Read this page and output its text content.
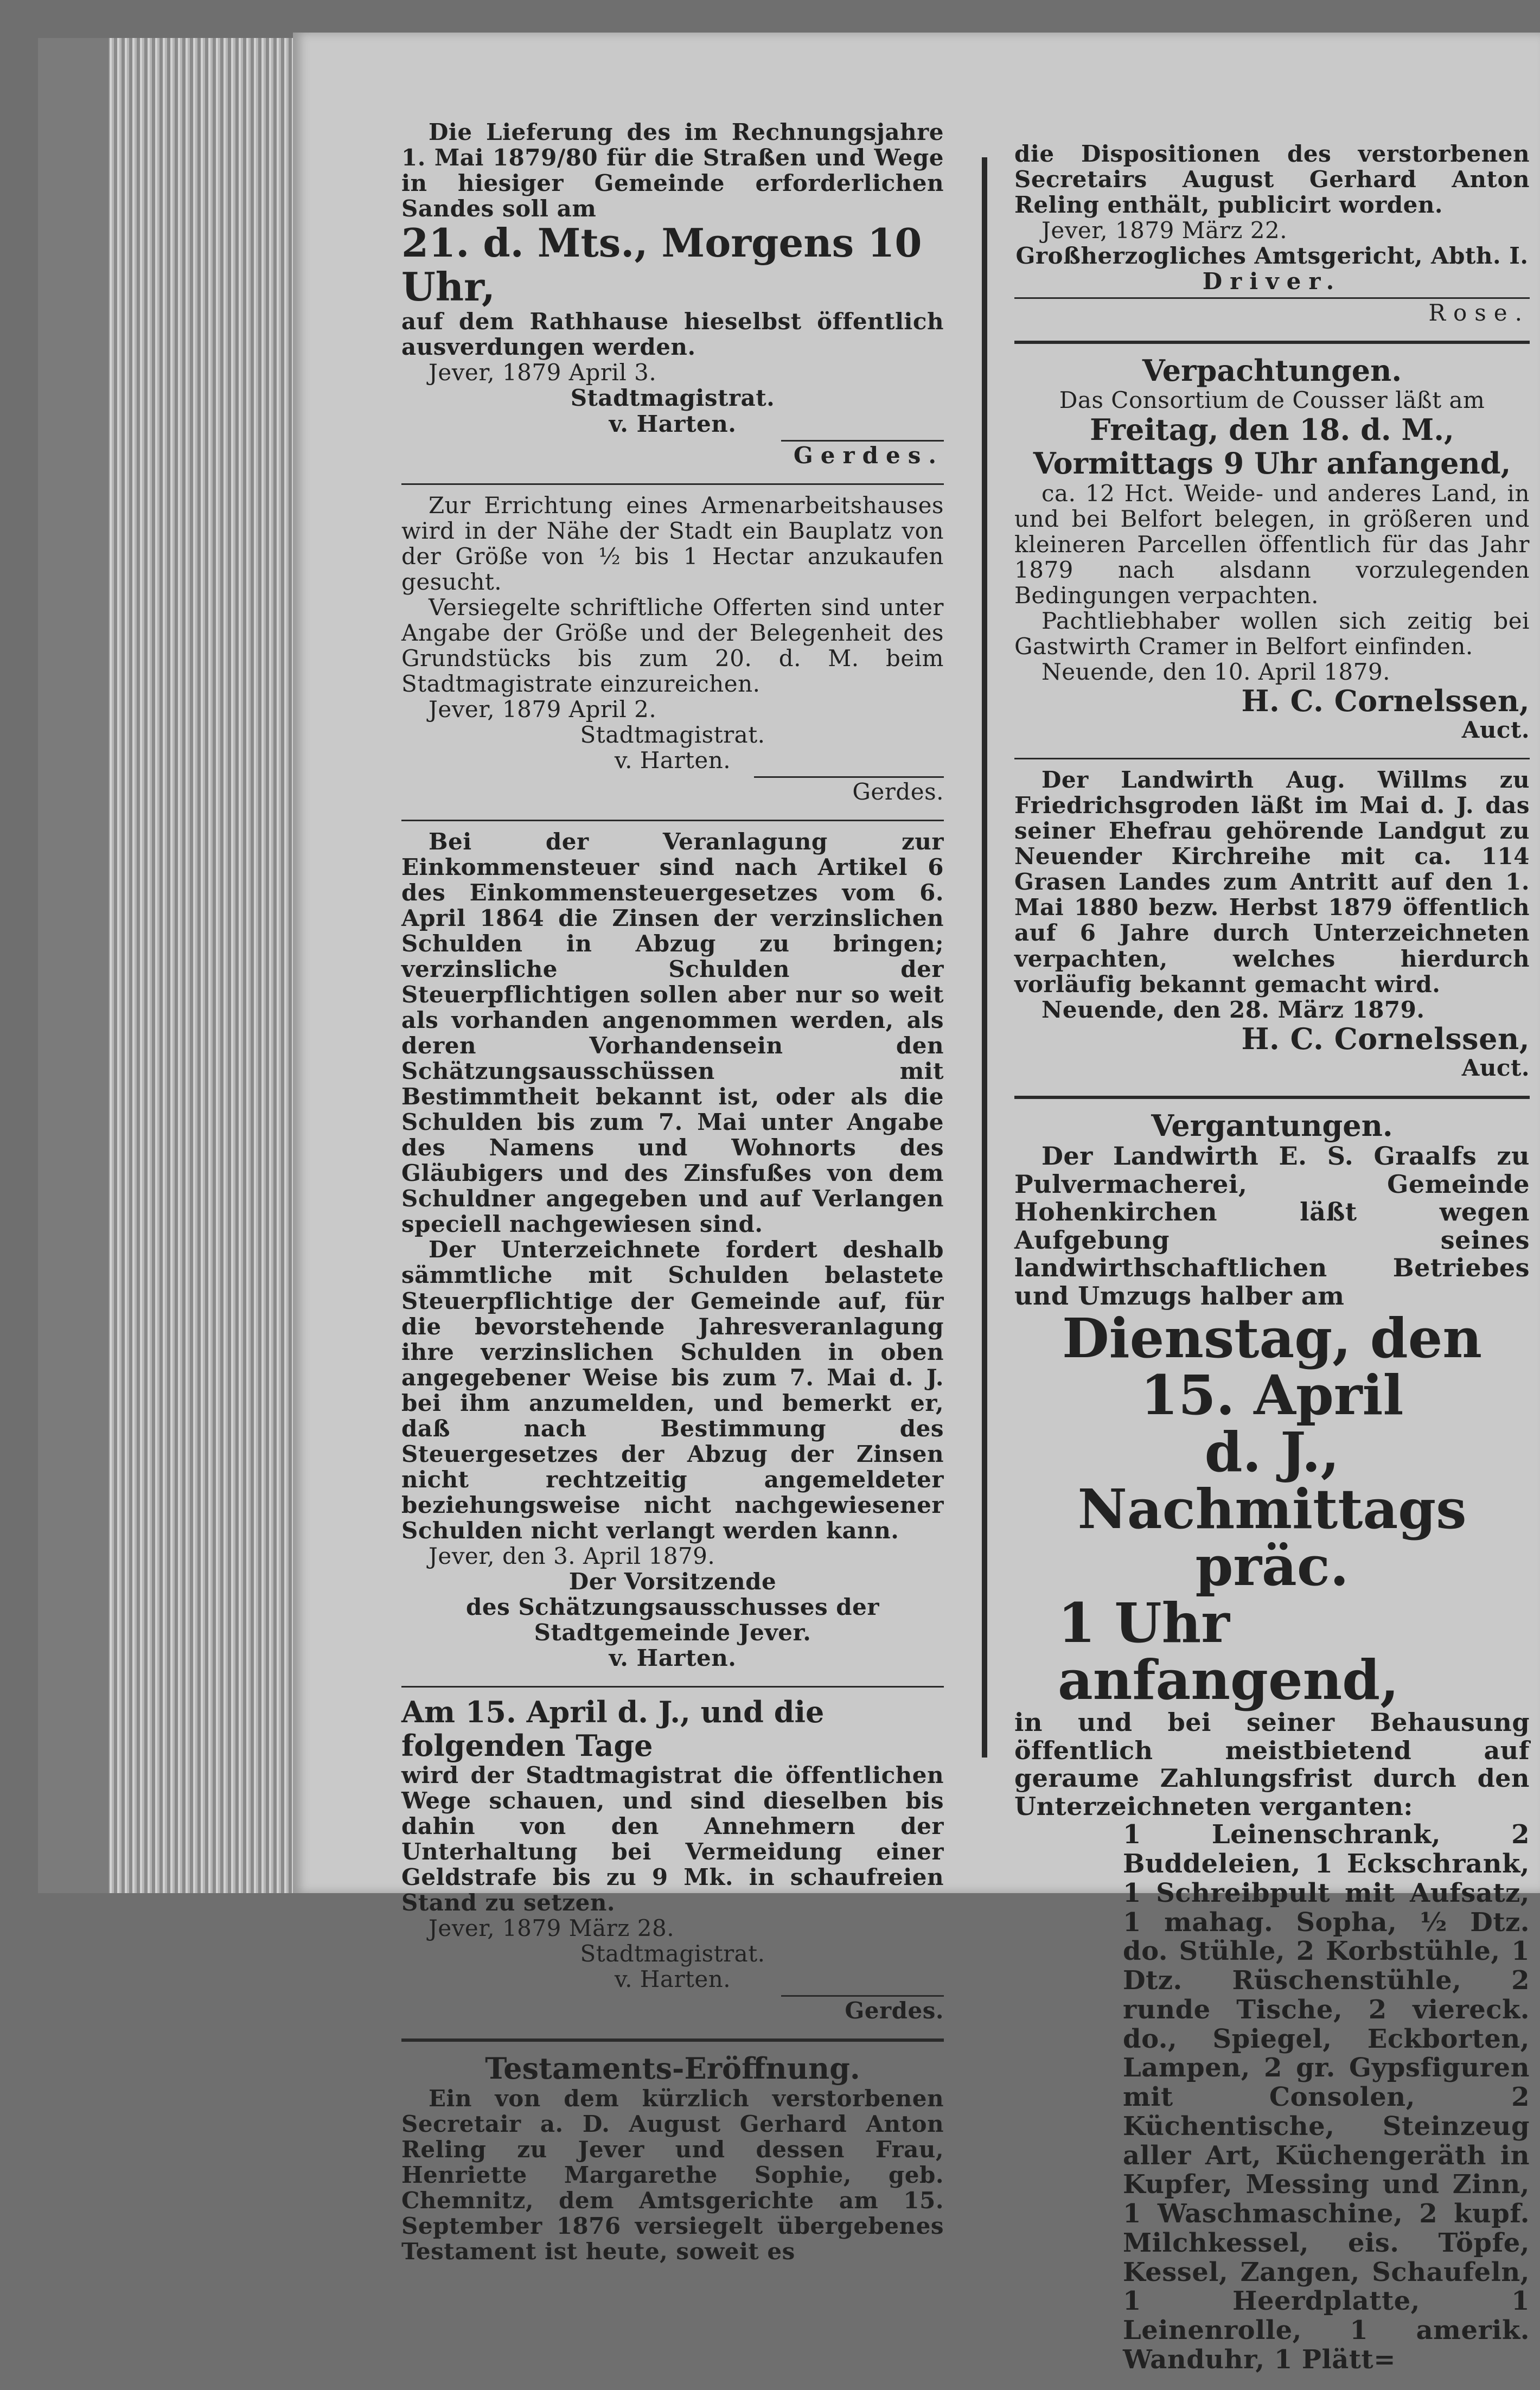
Die Lieferung des im Rechnungsjahre 1. Mai 1879/80 für die Straßen und Wege in hiesiger Gemeinde erforderlichen Sandes soll am

21. d. Mts., Morgens 10 Uhr,

auf dem Rathhause hieselbst öffentlich ausverdungen werden.

Jever, 1879 April 3.

Stadtmagistrat.

v. Harten.

Gerdes.

Zur Errichtung eines Armenarbeitshauses wird in der Nähe der Stadt ein Bauplatz von der Größe von ½ bis 1 Hectar anzukaufen gesucht.

Versiegelte schriftliche Offerten sind unter Angabe der Größe und der Belegenheit des Grundstücks bis zum 20. d. M. beim Stadtmagistrate einzureichen.

Jever, 1879 April 2.

Stadtmagistrat.

v. Harten.

Gerdes.

Bei der Veranlagung zur Einkommensteuer sind nach Artikel 6 des Einkommensteuergesetzes vom 6. April 1864 die Zinsen der verzinslichen Schulden in Abzug zu bringen; verzinsliche Schulden der Steuerpflichtigen sollen aber nur so weit als vorhanden angenommen werden, als deren Vorhandensein den Schätzungsausschüssen mit Bestimmtheit bekannt ist, oder als die Schulden bis zum 7. Mai unter Angabe des Namens und Wohnorts des Gläubigers und des Zinsfußes von dem Schuldner angegeben und auf Verlangen speciell nachgewiesen sind.

Der Unterzeichnete fordert deshalb sämmtliche mit Schulden belastete Steuerpflichtige der Gemeinde auf, für die bevorstehende Jahresveranlagung ihre verzinslichen Schulden in oben angegebener Weise bis zum 7. Mai d. J. bei ihm anzumelden, und bemerkt er, daß nach Bestimmung des Steuergesetzes der Abzug der Zinsen nicht rechtzeitig angemeldeter beziehungsweise nicht nachgewiesener Schulden nicht verlangt werden kann.

Jever, den 3. April 1879.

Der Vorsitzende

des Schätzungsausschusses der Stadtgemeinde Jever.

v. Harten.

Am 15. April d. J., und die folgenden Tage

wird der Stadtmagistrat die öffentlichen Wege schauen, und sind dieselben bis dahin von den Annehmern der Unterhaltung bei Vermeidung einer Geldstrafe bis zu 9 Mk. in schaufreien Stand zu setzen.

Jever, 1879 März 28.

Stadtmagistrat.

v. Harten.

Gerdes.

Testaments-Eröffnung.

Ein von dem kürzlich verstorbenen Secretair a. D. August Gerhard Anton Reling zu Jever und dessen Frau, Henriette Margarethe Sophie, geb. Chemnitz, dem Amtsgerichte am 15. September 1876 versiegelt übergebenes Testament ist heute, soweit es

die Dispositionen des verstorbenen Secretairs August Gerhard Anton Reling enthält, publicirt worden.

Jever, 1879 März 22.

Großherzogliches Amtsgericht, Abth. I.

Driver.

Rose.

Verpachtungen.

Das Consortium de Cousser läßt am

Freitag, den 18. d. M.,

Vormittags 9 Uhr anfangend,

ca. 12 Hct. Weide- und anderes Land, in und bei Belfort belegen, in größeren und kleineren Parcellen öffentlich für das Jahr 1879 nach alsdann vorzulegenden Bedingungen verpachten.

Pachtliebhaber wollen sich zeitig bei Gastwirth Cramer in Belfort einfinden.

Neuende, den 10. April 1879.

H. C. Cornelssen,

Auct.

Der Landwirth Aug. Willms zu Friedrichsgroden läßt im Mai d. J. das seiner Ehefrau gehörende Landgut zu Neuender Kirchreihe mit ca. 114 Grasen Landes zum Antritt auf den 1. Mai 1880 bezw. Herbst 1879 öffentlich auf 6 Jahre durch Unterzeichneten verpachten, welches hierdurch vorläufig bekannt gemacht wird.

Neuende, den 28. März 1879.

H. C. Cornelssen,

Auct.

Vergantungen.

Der Landwirth E. S. Graalfs zu Pulvermacherei, Gemeinde Hohenkirchen läßt wegen Aufgebung seines landwirthschaftlichen Betriebes und Umzugs halber am

Dienstag, den 15. April

d. J., Nachmittags präc.

1 Uhr anfangend,

in und bei seiner Behausung öffentlich meistbietend auf geraume Zahlungsfrist durch den Unterzeichneten verganten:

1 Leinenschrank, 2 Buddeleien, 1 Eckschrank, 1 Schreibpult mit Aufsatz, 1 mahag. Sopha, ½ Dtz. do. Stühle, 2 Korbstühle, 1 Dtz. Rüschenstühle, 2 runde Tische, 2 viereck. do., Spiegel, Eckborten, Lampen, 2 gr. Gypsfiguren mit Consolen, 2 Küchentische, Steinzeug aller Art, Küchengeräth in Kupfer, Messing und Zinn, 1 Waschmaschine, 2 kupf. Milchkessel, eis. Töpfe, Kessel, Zangen, Schaufeln, 1 Heerdplatte, 1 Leinenrolle, 1 amerik. Wanduhr, 1 Plätt=
